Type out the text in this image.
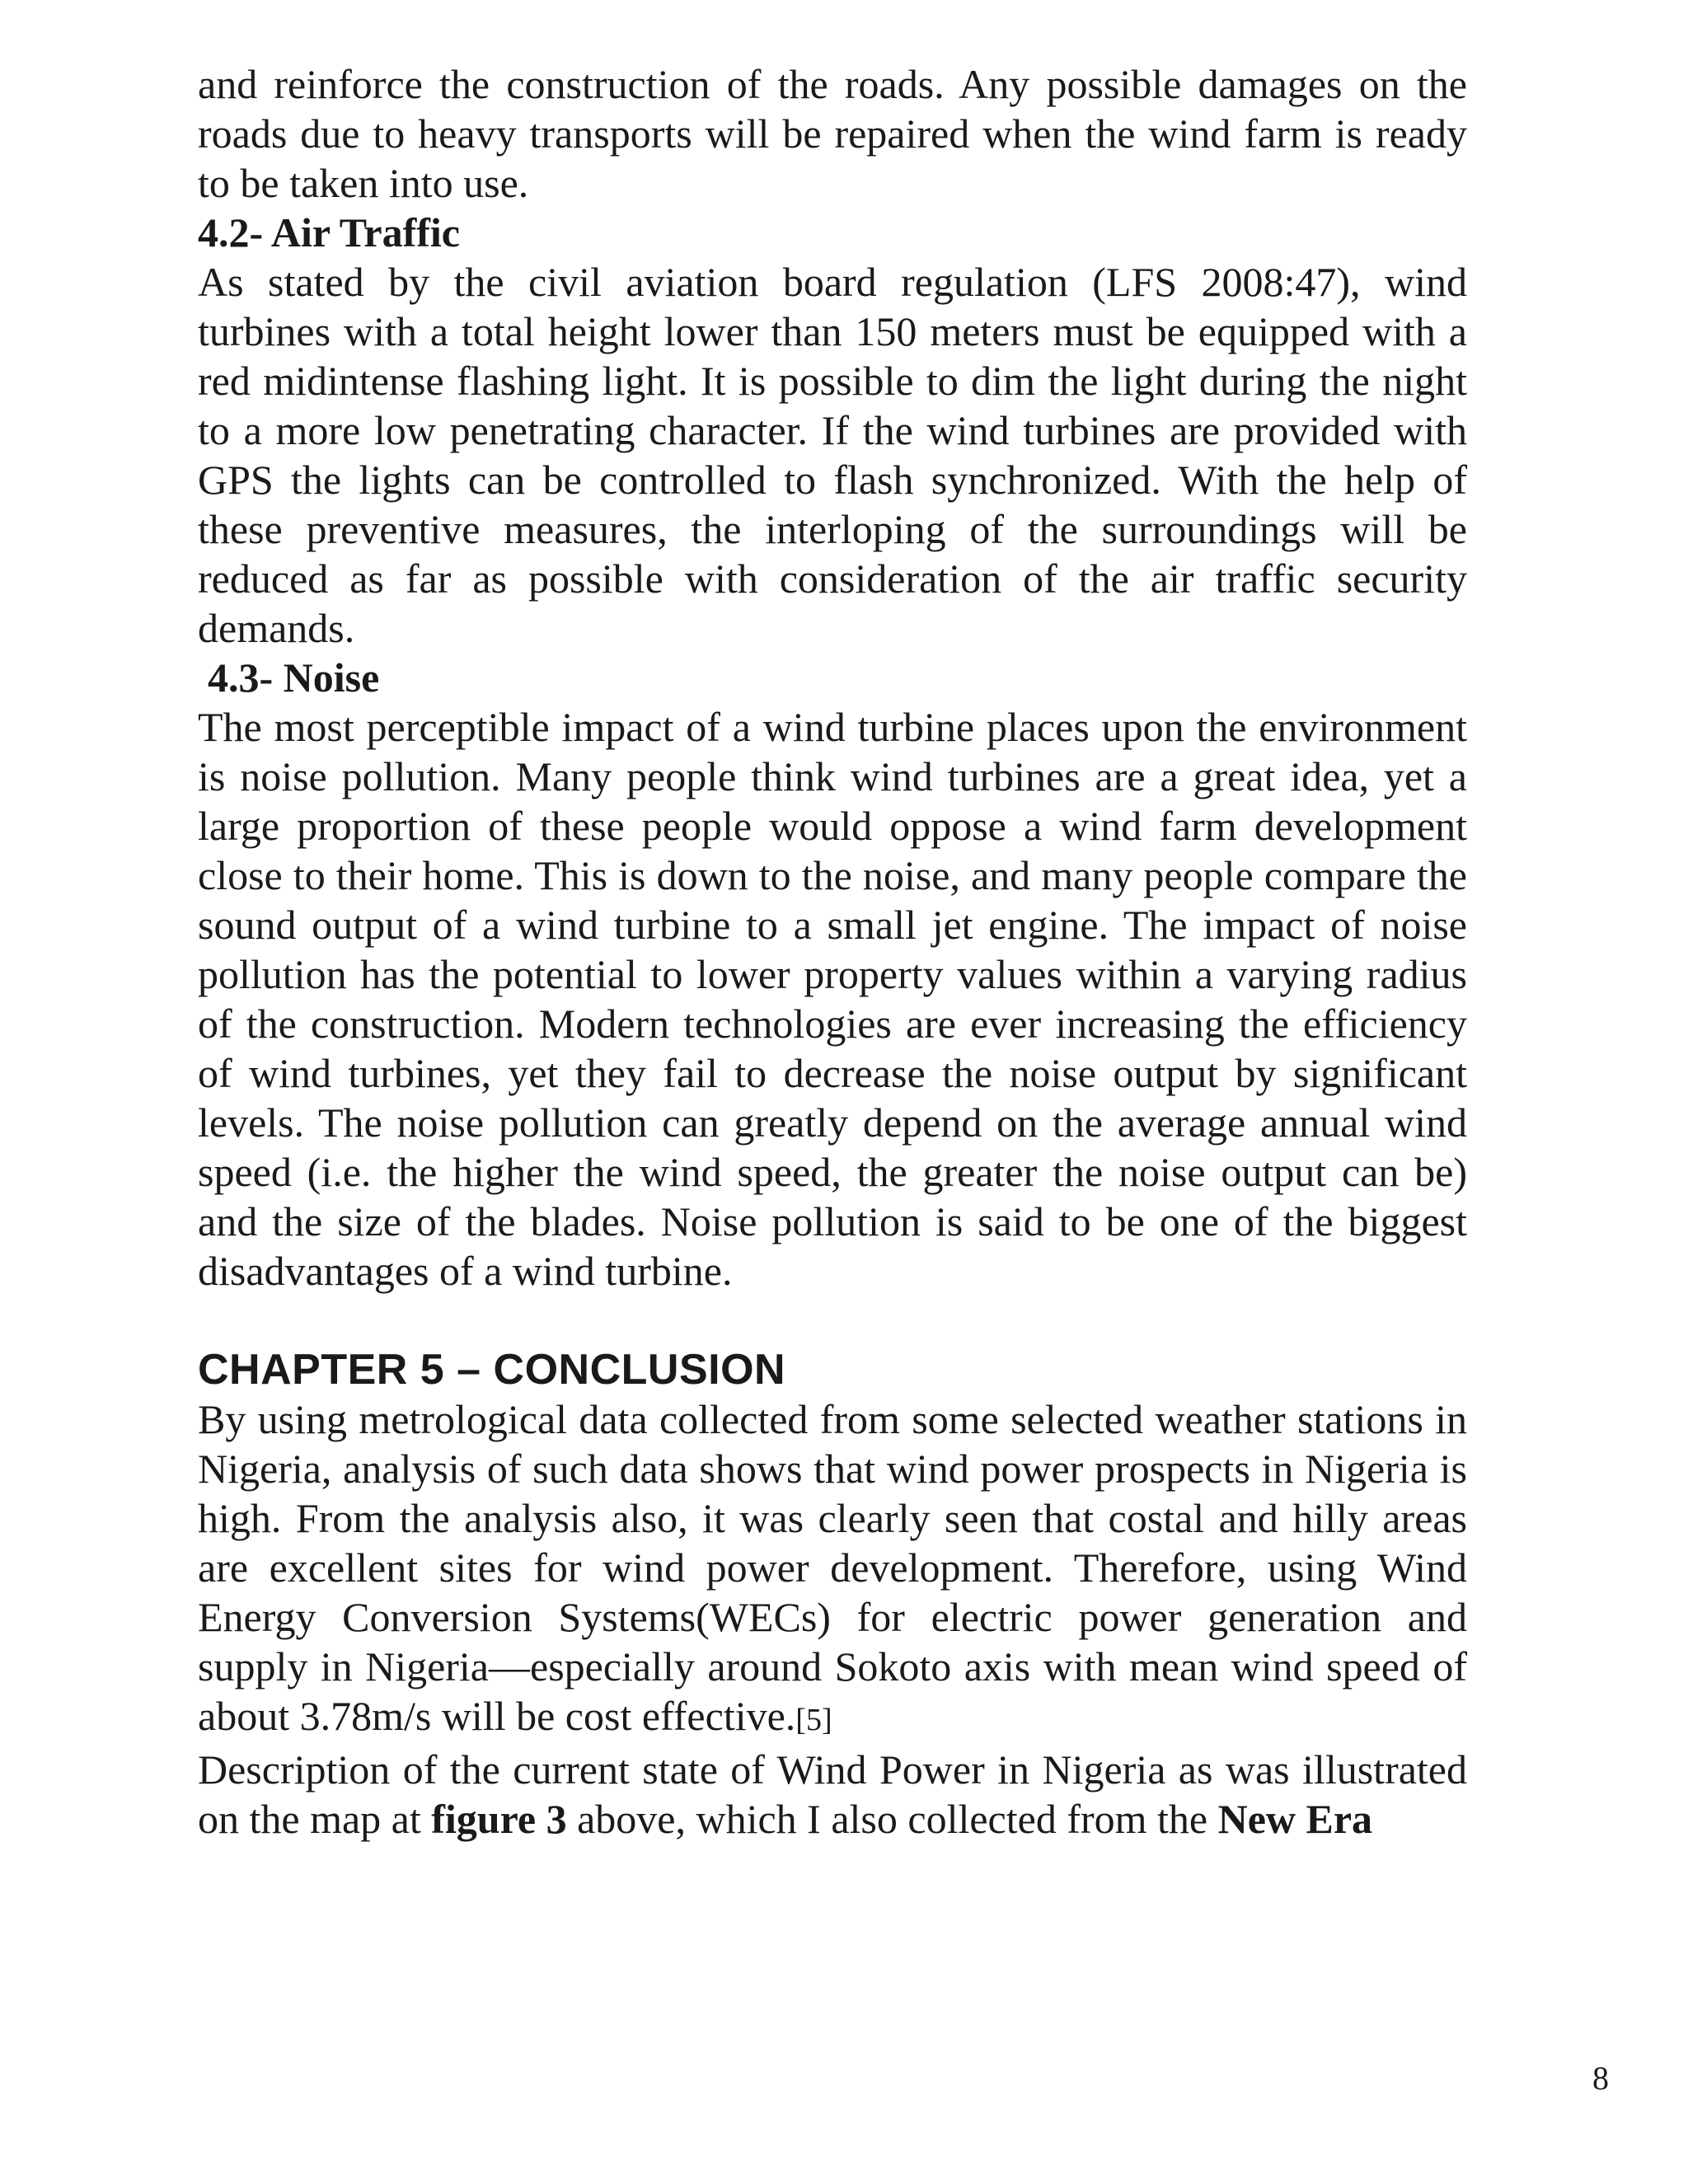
and reinforce the construction of the roads. Any possible damages on the roads due to heavy transports will be repaired when the wind farm is ready to be taken into use.

4.2- Air Traffic

As stated by the civil aviation board regulation (LFS 2008:47), wind turbines with a total height lower than 150 meters must be equipped with a red midintense flashing light. It is possible to dim the light during the night to a more low penetrating character. If the wind turbines are provided with GPS the lights can be controlled to flash synchronized. With the help of these preventive measures, the interloping of the surroundings will be reduced as far as possible with consideration of the air traffic security demands.

4.3- Noise

The most perceptible impact of a wind turbine places upon the environment is noise pollution. Many people think wind turbines are a great idea, yet a large proportion of these people would oppose a wind farm development close to their home. This is down to the noise, and many people compare the sound output of a wind turbine to a small jet engine. The impact of noise pollution has the potential to lower property values within a varying radius of the construction. Modern technologies are ever increasing the efficiency of wind turbines, yet they fail to decrease the noise output by significant levels. The noise pollution can greatly depend on the average annual wind speed (i.e. the higher the wind speed, the greater the noise output can be) and the size of the blades. Noise pollution is said to be one of the biggest disadvantages of a wind turbine.

CHAPTER 5 – CONCLUSION

By using metrological data collected from some selected weather stations in Nigeria, analysis of such data shows that wind power prospects in Nigeria is high. From the analysis also, it was clearly seen that costal and hilly areas are excellent sites for wind power development. Therefore, using Wind Energy Conversion Systems(WECs) for electric power generation and supply in Nigeria—especially around Sokoto axis with mean wind speed of about 3.78m/s will be cost effective.[5]

Description of the current state of Wind Power in Nigeria as was illustrated on the map at figure 3 above, which I also collected from the New Era

8
